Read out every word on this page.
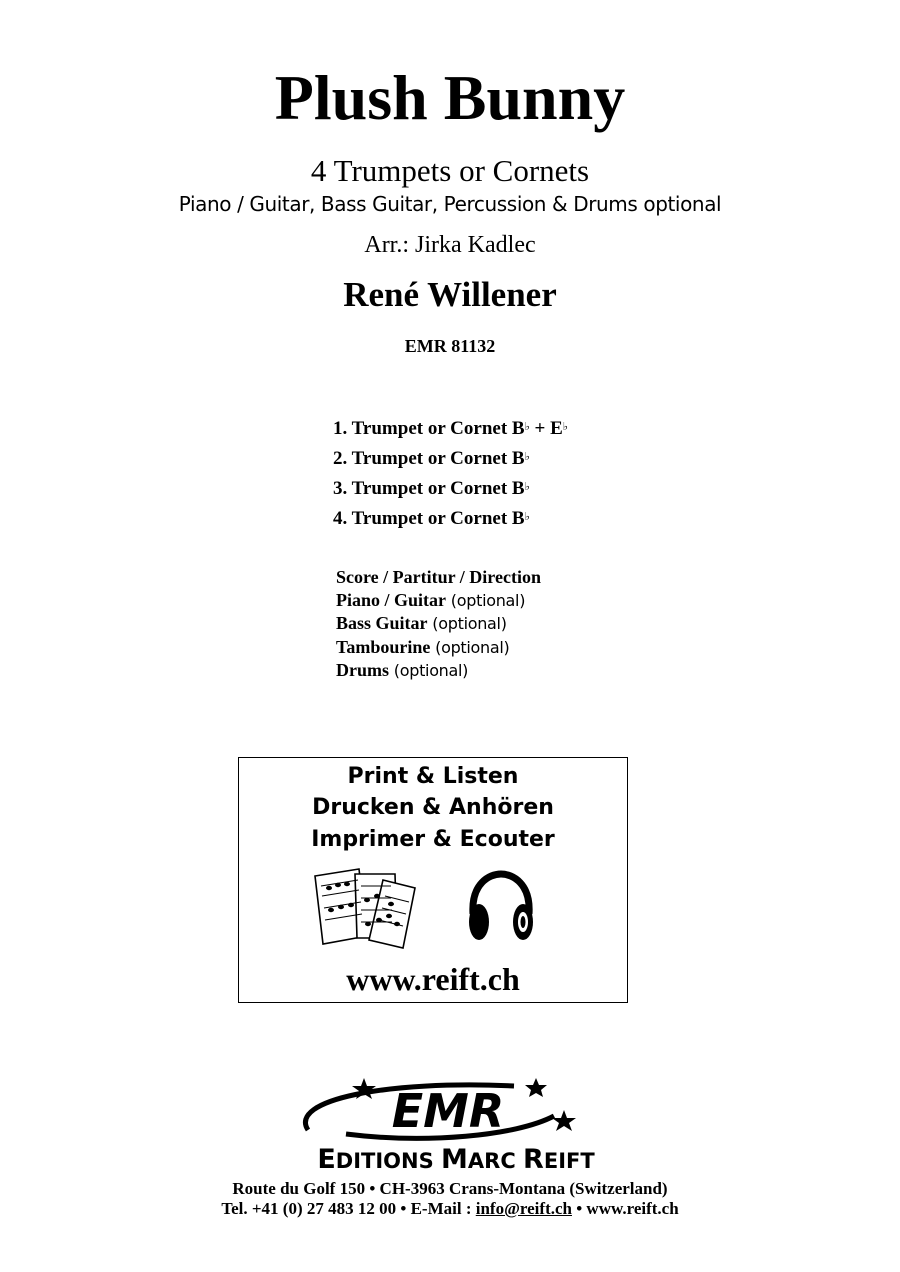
Plush Bunny
4 Trumpets or Cornets
Piano / Guitar, Bass Guitar, Percussion & Drums optional
Arr.: Jirka Kadlec
René Willener
EMR 81132
1. Trumpet or Cornet B♭ + E♭
2. Trumpet or Cornet B♭
3. Trumpet or Cornet B♭
4. Trumpet or Cornet B♭
Score / Partitur / Direction
Piano / Guitar (optional)
Bass Guitar (optional)
Tambourine (optional)
Drums (optional)
Print & Listen
Drucken & Anhören
Imprimer & Ecouter
www.reift.ch
EMR
EDITIONS MARC REIFT
Route du Golf 150 • CH-3963 Crans-Montana (Switzerland)
Tel. +41 (0) 27 483 12 00 • E-Mail : info@reift.ch • www.reift.ch
